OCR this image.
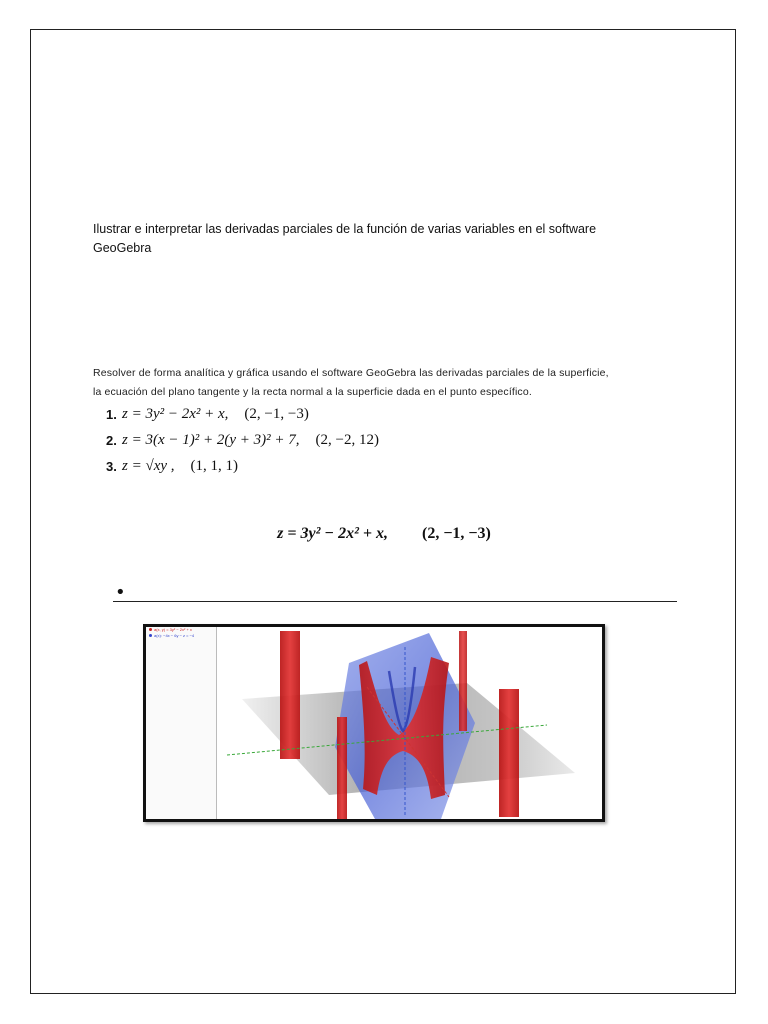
Ilustrar e interpretar las derivadas parciales de la función de varias variables en el software GeoGebra
Resolver de forma analítica y gráfica usando el software GeoGebra las derivadas parciales de la superficie,
la ecuación del plano tangente y la recta normal a la superficie dada en el punto específico.
1. z = 3y² − 2x² + x, (2, −1, −3)
2. z = 3(x − 1)² + 2(y + 3)² + 7, (2, −2, 12)
3. z = √xy , (1, 1, 1)
z = 3y² − 2x² + x, (2, −1, −3)
•
a(x, y) = 3y² − 2x² + x
a(x): −4x − 6y − z = −4
